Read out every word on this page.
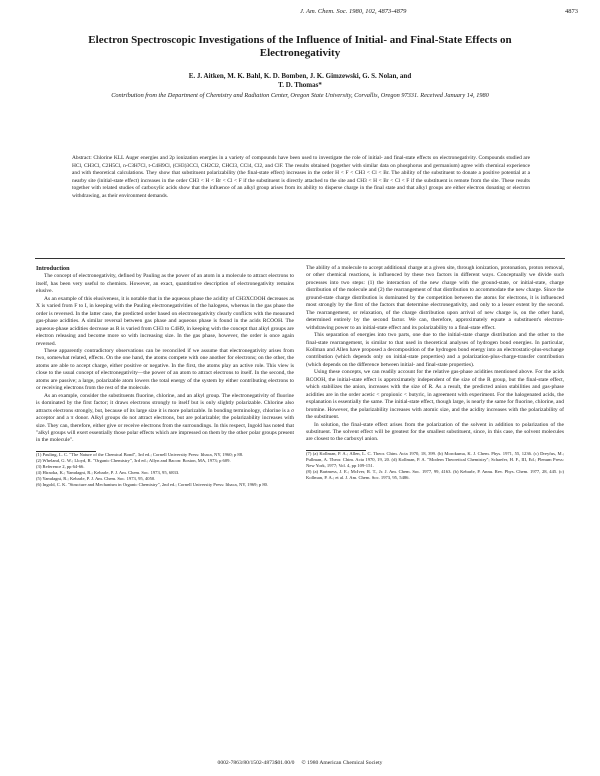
J. Am. Chem. Soc. 1980, 102, 4873-4879	4873
Electron Spectroscopic Investigations of the Influence of Initial- and Final-State Effects on Electronegativity
E. J. Aitken, M. K. Bahl, K. D. Bomben, J. K. Gimzewski, G. S. Nolan, and
T. D. Thomas*
Contribution from the Department of Chemistry and Radiation Center, Oregon State University, Corvallis, Oregon 97331. Received January 14, 1980
Abstract: Chlorine KLL Auger energies and 2p ionization energies in a variety of compounds have been used to investigate the role of initial- and final-state effects on electronegativity. Compounds studied are HCl, CH3Cl, C2H5Cl, n-C3H7Cl, t-C4H9Cl, (CH3)3CCl, CH2Cl2, CHCl3, CCl4, Cl2, and ClF. The results obtained (together with similar data on phosphorus and germanium) agree with chemical experience and with theoretical calculations. They show that substituent polarizability (the final-state effect) increases in the order H < F < CH3 < Cl < Br. The ability of the substituent to donate a positive potential at a nearby site (initial-state effect) increases in the order CH3 < H < Br < Cl < F if the substituent is directly attached to the site and CH3 < H < Br < Cl < F if the substituent is remote from the site. These results together with related studies of carboxylic acids show that the influence of an alkyl group arises from its ability to disperse charge in the final state and that alkyl groups are either electron donating or electron withdrawing, as their environment demands.
Introduction

The concept of electronegativity, defined by Pauling as the power of an atom in a molecule to attract electrons to itself, has been very useful to chemists. However, an exact, quantitative description of electronegativity remains elusive.

As an example of this elusiveness, it is notable that in the aqueous phase the acidity of CH3XCOOH decreases as X is varied from F to I, in keeping with the Pauling electronegativities of the halogens, whereas in the gas phase the order is reversed. In the latter case, the predicted order based on electronegativity clearly conflicts with the measured gas-phase acidities. A similar reversal between gas phase and aqueous phase is found in the acids RCOOH. The aqueous-phase acidities decrease as R is varied from CH3 to C4H9, in keeping with the concept that alkyl groups are electron releasing and become more so with increasing size. In the gas phase, however, the order is once again reversed.

These apparently contradictory observations can be reconciled if we assume that electronegativity arises from two, somewhat related, effects. On the one hand, the atoms compete with one another for electrons; on the other, the atoms are able to accept charge, either positive or negative. In the first, the atoms play an active role. This view is close to the usual concept of electronegativity—the power of an atom to attract electrons to itself. In the second, the atoms are passive; a large, polarizable atom lowers the total energy of the system by either contributing electrons to or receiving electrons from the rest of the molecule.

As an example, consider the substituents fluorine, chlorine, and an alkyl group. The electronegativity of fluorine is dominated by the first factor; it draws electrons strongly to itself but is only slightly polarizable. Chlorine also attracts electrons strongly, but, because of its large size it is more polarizable. In bonding terminology, chlorine is a σ acceptor and a π donor. Alkyl groups do not attract electrons, but are polarizable; the polarizability increases with size. They can, therefore, either give or receive electrons from the surroundings. In this respect, Ingold has noted that "alkyl groups will exert essentially those polar effects which are impressed on them by the other polar groups present in the molecule".

(1) Pauling, L. C. "The Nature of the Chemical Bond", 3rd ed.; Cornell University Press: Ithaca, NY, 1960; p 88.
(2) Wheland, G. W.; Lloyd, R. "Organic Chemistry", 3rd ed.; Allyn and Bacon: Boston, MA, 1973; p 609.
(3) Reference 2, pp 64-66.
(4) Hiraoka, K.; Yamdagni, R.; Kebarle, P. J. Am. Chem. Soc. 1973, 95, 6833.
(5) Yamdagni, R.; Kebarle, P. J. Am. Chem. Soc. 1973, 95, 4050.
(6) Ingold, C. K. "Structure and Mechanism in Organic Chemistry", 2nd ed.; Cornell University Press: Ithaca, NY, 1969; p 80.

The ability of a molecule to accept additional charge at a given site, through ionization, protonation, proton removal, or other chemical reactions, is influenced by these two factors in different ways. Conceptually we divide such processes into two steps: (1) the interaction of the new charge with the ground-state, or initial-state, charge distribution of the molecule and (2) the rearrangement of that distribution to accommodate the new charge. Since the ground-state charge distribution is dominated by the competition between the atoms for electrons, it is influenced most strongly by the first of the factors that determine electronegativity, and only to a lesser extent by the second. The rearrangement, or relaxation, of the charge distribution upon arrival of new charge is, on the other hand, determined entirely by the second factor. We can, therefore, approximately equate a substituent's electron-withdrawing power to an initial-state effect and its polarizability to a final-state effect.

This separation of energies into two parts, one due to the initial-state charge distribution and the other to the final-state rearrangement, is similar to that used in theoretical analyses of hydrogen bond energies. In particular, Kollman and Allen have proposed a decomposition of the hydrogen bond energy into an electrostatic-plus-exchange contribution (which depends only on initial-state properties) and a polarization-plus-charge-transfer contribution (which depends on the difference between initial- and final-state properties).

Using these concepts, we can readily account for the relative gas-phase acidities mentioned above. For the acids RCOOH, the initial-state effect is approximately independent of the size of the R group, but the final-state effect, which stabilizes the anion, increases with the size of R. As a result, the predicted anion stabilities and gas-phase acidities are in the order acetic < propionic < butyric, in agreement with experiment. For the halogenated acids, the explanation is essentially the same. The initial-state effect, though large, is nearly the same for fluorine, chlorine, and bromine. However, the polarizability increases with atomic size, and the acidity increases with the polarizability of the substituent.

In solution, the final-state effect arises from the polarization of the solvent in addition to polarization of the substituent. The solvent effect will be greatest for the smallest substituent, since, in this case, the solvent molecules are closest to the carboxyl anion.

(7) (a) Kollman, P. A.; Allen, L. C. Theor. Chim. Acta 1970, 18, 399. (b) Morokuma, K. J. Chem. Phys. 1971, 55, 1236. (c) Dreyfus, M.; Pullman, A. Theor. Chim. Acta 1970, 19, 20. (d) Kollman, P. A. "Modern Theoretical Chemistry"; Schaefer, H. F., III, Ed.; Plenum Press: New York, 1977; Vol. 4, pp 109-151.
(8) (a) Bartmess, J. E.; McIver, R. T., Jr. J. Am. Chem. Soc. 1977, 99, 4163. (b) Kebarle, P. Annu. Rev. Phys. Chem. 1977, 28, 445. (c) Kollman, P. A.; et al. J. Am. Chem. Soc. 1973, 95, 5486.
0002-7863/80/1502-4873$01.00/0 © 1980 American Chemical Society
